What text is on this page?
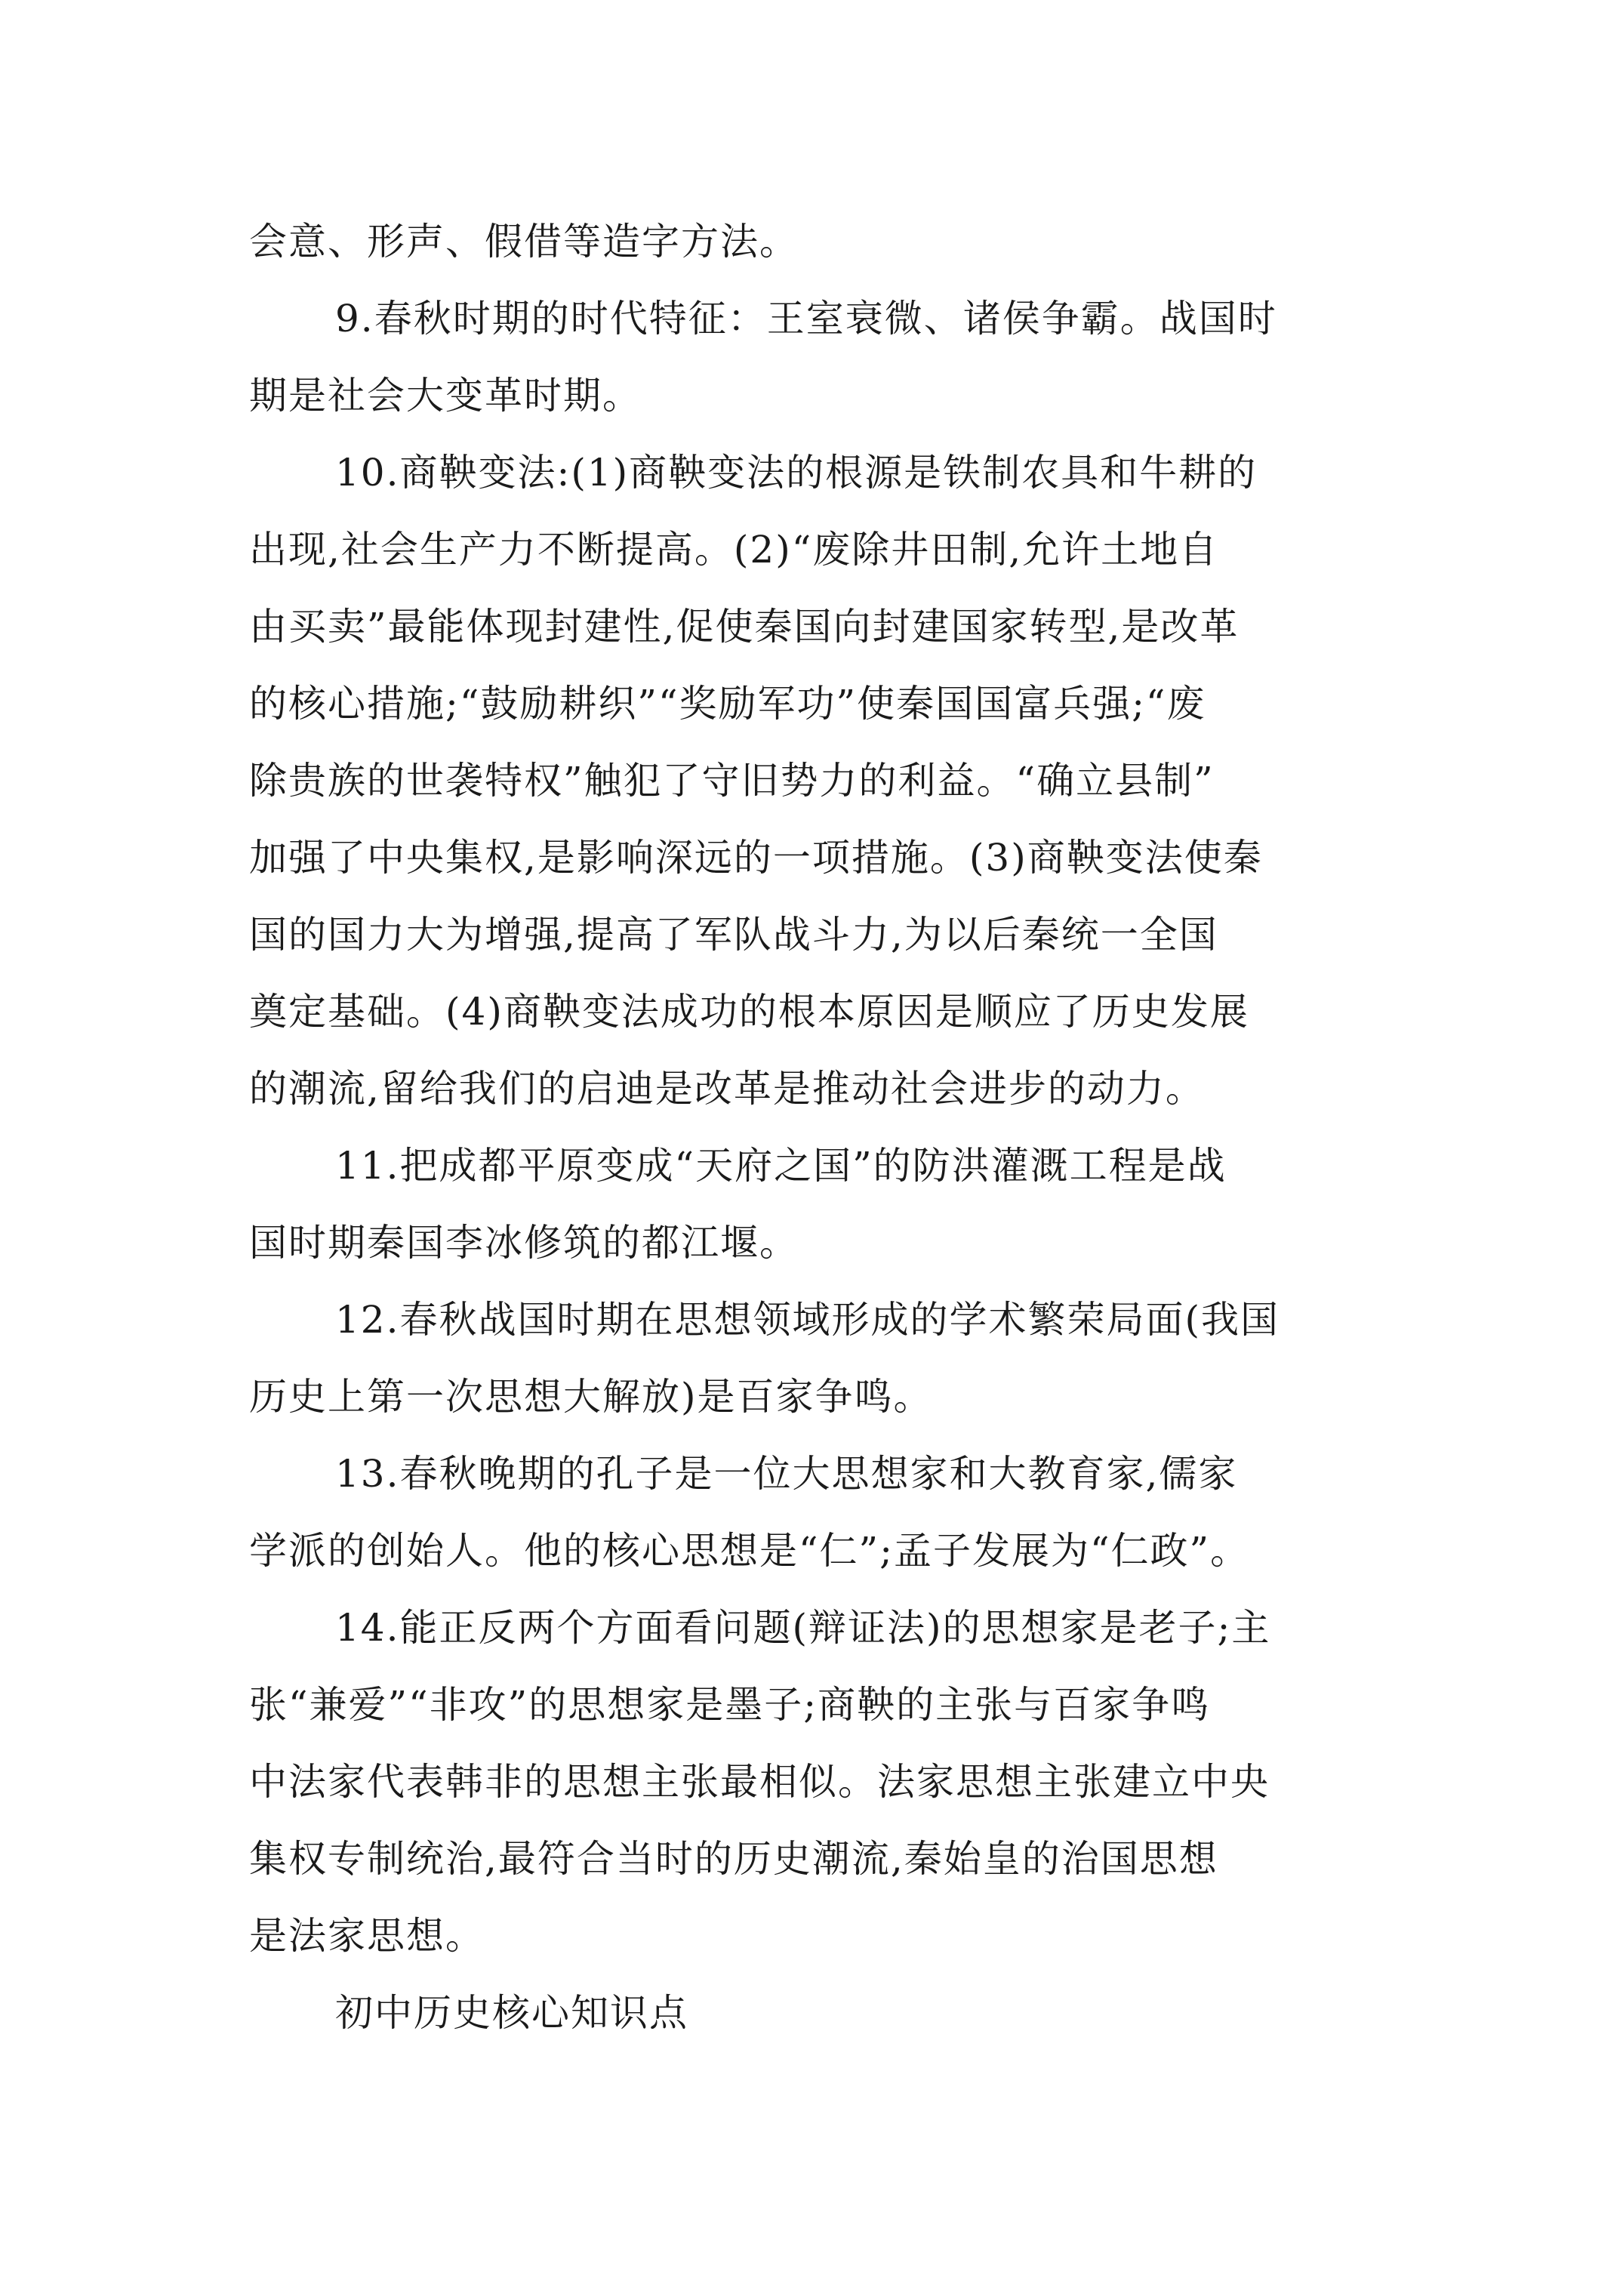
会意、形声、假借等造字方法。
9.春秋时期的时代特征：王室衰微、诸侯争霸。战国时
期是社会大变革时期。
10.商鞅变法:(1)商鞅变法的根源是铁制农具和牛耕的
出现,社会生产力不断提高。(2)“废除井田制,允许土地自
由买卖”最能体现封建性,促使秦国向封建国家转型,是改革
的核心措施;“鼓励耕织”“奖励军功”使秦国国富兵强;“废
除贵族的世袭特权”触犯了守旧势力的利益。“确立县制”
加强了中央集权,是影响深远的一项措施。(3)商鞅变法使秦
国的国力大为增强,提高了军队战斗力,为以后秦统一全国
奠定基础。(4)商鞅变法成功的根本原因是顺应了历史发展
的潮流,留给我们的启迪是改革是推动社会进步的动力。
11.把成都平原变成“天府之国”的防洪灌溉工程是战
国时期秦国李冰修筑的都江堰。
12.春秋战国时期在思想领域形成的学术繁荣局面(我国
历史上第一次思想大解放)是百家争鸣。
13.春秋晚期的孔子是一位大思想家和大教育家,儒家
学派的创始人。他的核心思想是“仁”;孟子发展为“仁政”。
14.能正反两个方面看问题(辩证法)的思想家是老子;主
张“兼爱”“非攻”的思想家是墨子;商鞅的主张与百家争鸣
中法家代表韩非的思想主张最相似。法家思想主张建立中央
集权专制统治,最符合当时的历史潮流,秦始皇的治国思想
是法家思想。
初中历史核心知识点
